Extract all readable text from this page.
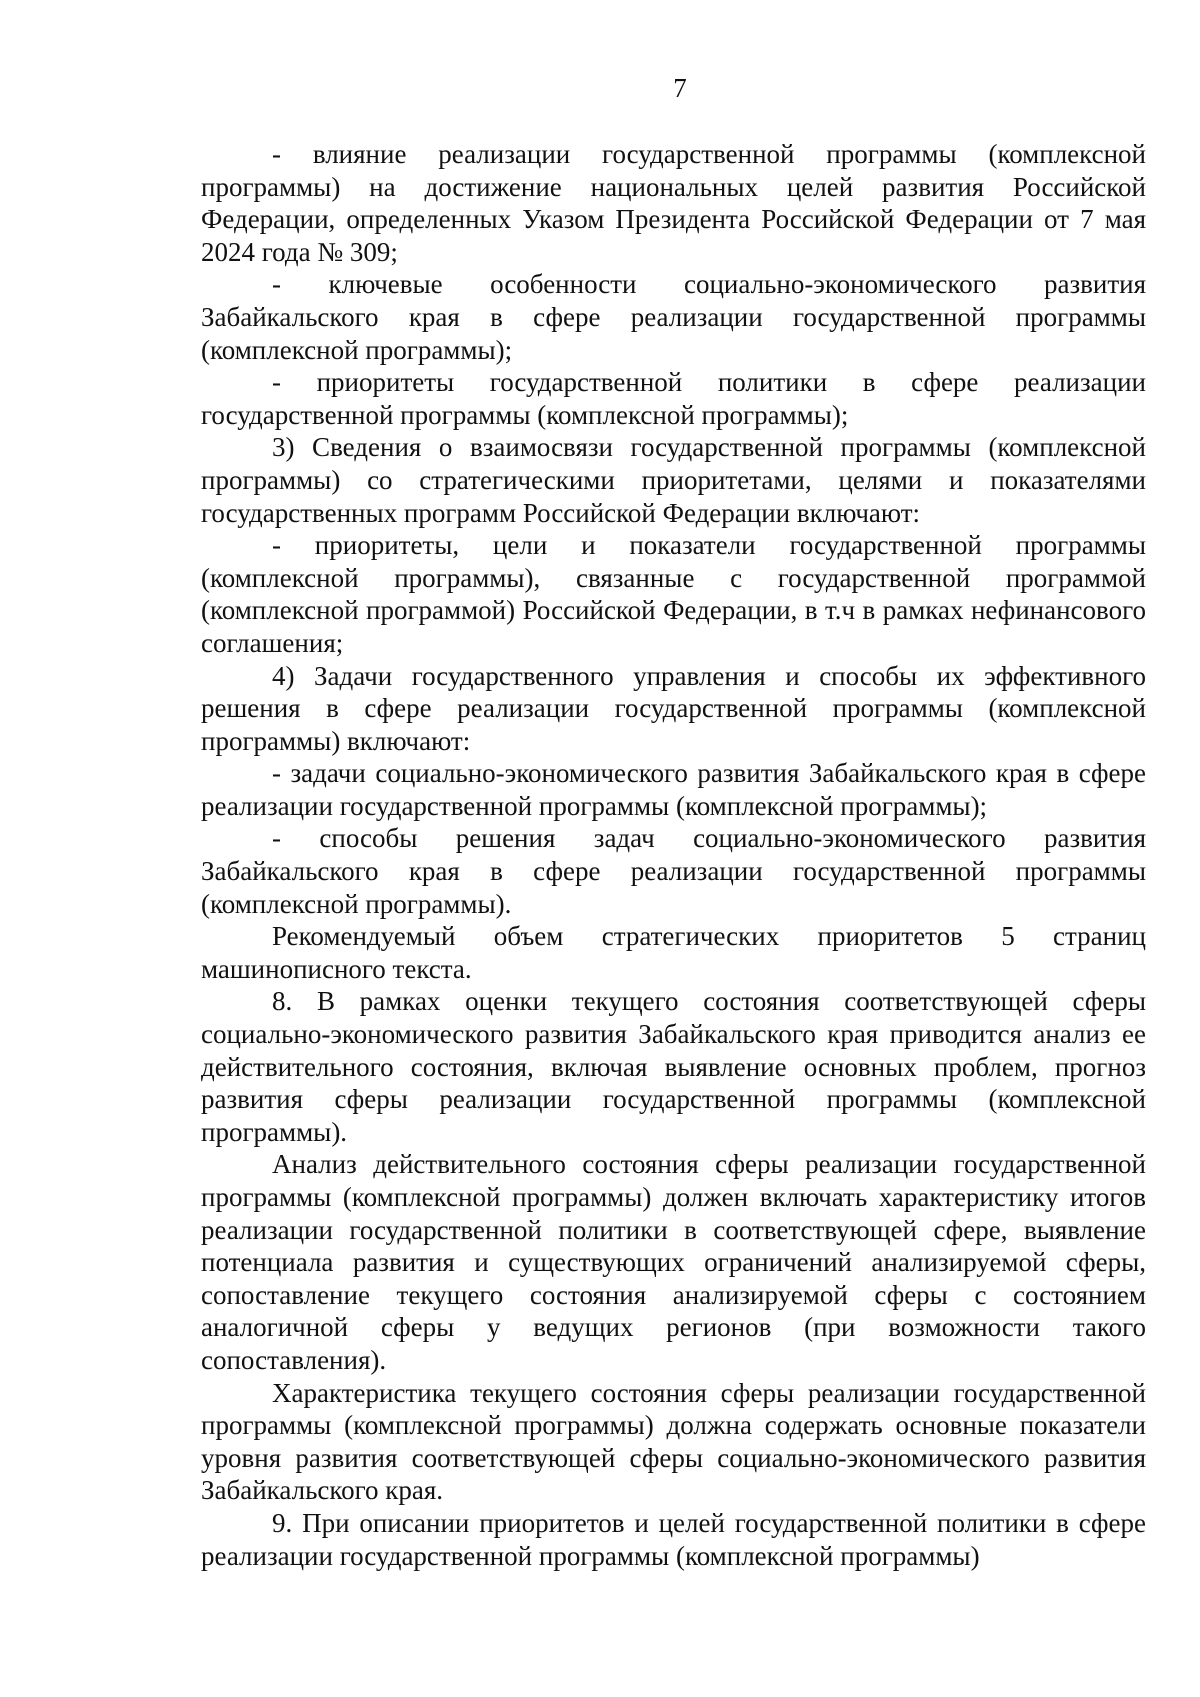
7

- влияние реализации государственной программы (комплексной программы) на достижение национальных целей развития Российской Федерации, определенных Указом Президента Российской Федерации от 7 мая 2024 года № 309;

- ключевые особенности социально-экономического развития Забайкальского края в сфере реализации государственной программы (комплексной программы);

- приоритеты государственной политики в сфере реализации государственной программы (комплексной программы);

3) Сведения о взаимосвязи государственной программы (комплексной программы) со стратегическими приоритетами, целями и показателями государственных программ Российской Федерации включают:

- приоритеты, цели и показатели государственной программы (комплексной программы), связанные с государственной программой (комплексной программой) Российской Федерации, в т.ч в рамках нефинансового соглашения;

4) Задачи государственного управления и способы их эффективного решения в сфере реализации государственной программы (комплексной программы) включают:

- задачи социально-экономического развития Забайкальского края в сфере реализации государственной программы (комплексной программы);

- способы решения задач социально-экономического развития Забайкальского края в сфере реализации государственной программы (комплексной программы).

Рекомендуемый объем стратегических приоритетов 5 страниц машинописного текста.

8. В рамках оценки текущего состояния соответствующей сферы социально-экономического развития Забайкальского края приводится анализ ее действительного состояния, включая выявление основных проблем, прогноз развития сферы реализации государственной программы (комплексной программы).

Анализ действительного состояния сферы реализации государственной программы (комплексной программы) должен включать характеристику итогов реализации государственной политики в соответствующей сфере, выявление потенциала развития и существующих ограничений анализируемой сферы, сопоставление текущего состояния анализируемой сферы с состоянием аналогичной сферы у ведущих регионов (при возможности такого сопоставления).

Характеристика текущего состояния сферы реализации государственной программы (комплексной программы) должна содержать основные показатели уровня развития соответствующей сферы социально-экономического развития Забайкальского края.

9. При описании приоритетов и целей государственной политики в сфере реализации государственной программы (комплексной программы)
